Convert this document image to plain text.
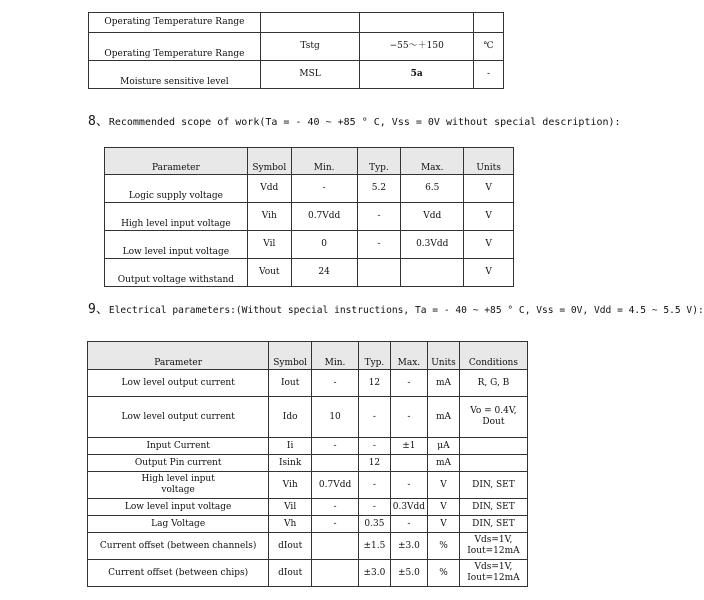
Operating Temperature Range			
Operating Temperature Range	Tstg	−55～＋150	℃
Moisture sensitive level	MSL	5a	-
8、Recommended scope of work(Ta = - 40 ~ +85 ° C, Vss = 0V without special description):
Parameter	Symbol	Min.	Typ.	Max.	Units
Logic supply voltage	Vdd	-	5.2	6.5	V
High level input voltage	Vih	0.7Vdd	-	Vdd	V
Low level input voltage	Vil	0	-	0.3Vdd	V
Output voltage withstand	Vout	24			V
9、Electrical parameters:(Without special instructions, Ta = - 40 ~ +85 ° C, Vss = 0V, Vdd = 4.5 ~ 5.5 V):
Parameter	Symbol	Min.	Typ.	Max.	Units	Conditions
Low level output current	Iout	-	12	-	mA	R, G, B
Low level output current	Ido	10	-	-	mA	Vo = 0.4V, Dout
Input Current	Ii	-	-	±1	μA	
Output Pin current	Isink		12		mA	
High level input voltage	Vih	0.7Vdd	-	-	V	DIN, SET
Low level input voltage	Vil	-	-	0.3Vdd	V	DIN, SET
Lag Voltage	Vh	-	0.35	-	V	DIN, SET
Current offset (between channels)	dIout		±1.5	±3.0	%	Vds=1V, Iout=12mA
Current offset (between chips)	dIout		±3.0	±5.0	%	Vds=1V, Iout=12mA
